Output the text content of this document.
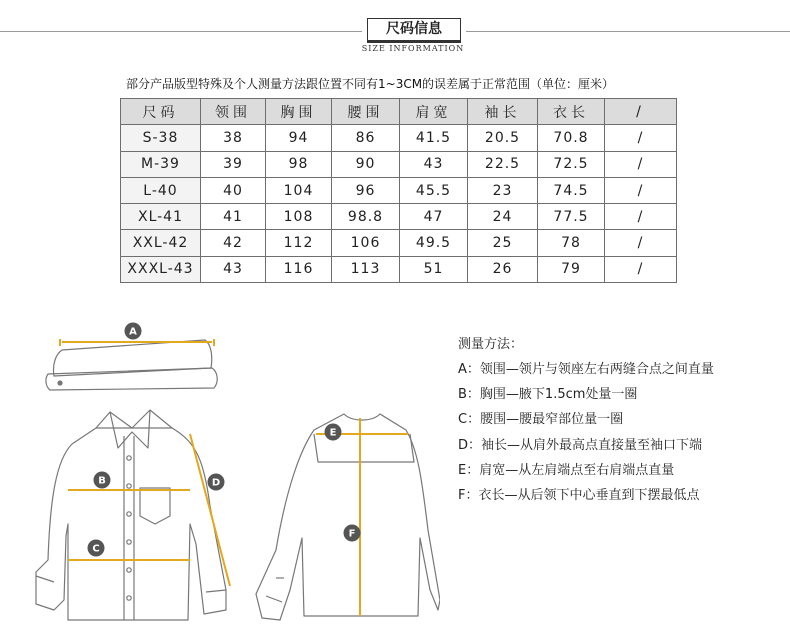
尺码信息
SIZE INFORMATION
部分产品版型特殊及个人测量方法跟位置不同有1~3CM的误差属于正常范围（单位：厘米）
尺码	领围	胸围	腰围	肩宽	袖长	衣长	/
S-38	38	94	86	41.5	20.5	70.8	/
M-39	39	98	90	43	22.5	72.5	/
L-40	40	104	96	45.5	23	74.5	/
XL-41	41	108	98.8	47	24	77.5	/
XXL-42	42	112	106	49.5	25	78	/
XXXL-43	43	116	113	51	26	79	/
A
B
C
D
E
F
测量方法：
A：领围—领片与领座左右两缝合点之间直量
B：胸围—腋下1.5cm处量一圈
C：腰围—腰最窄部位量一圈
D：袖长—从肩外最高点直接量至袖口下端
E：肩宽—从左肩端点至右肩端点直量
F：衣长—从后领下中心垂直到下摆最低点
